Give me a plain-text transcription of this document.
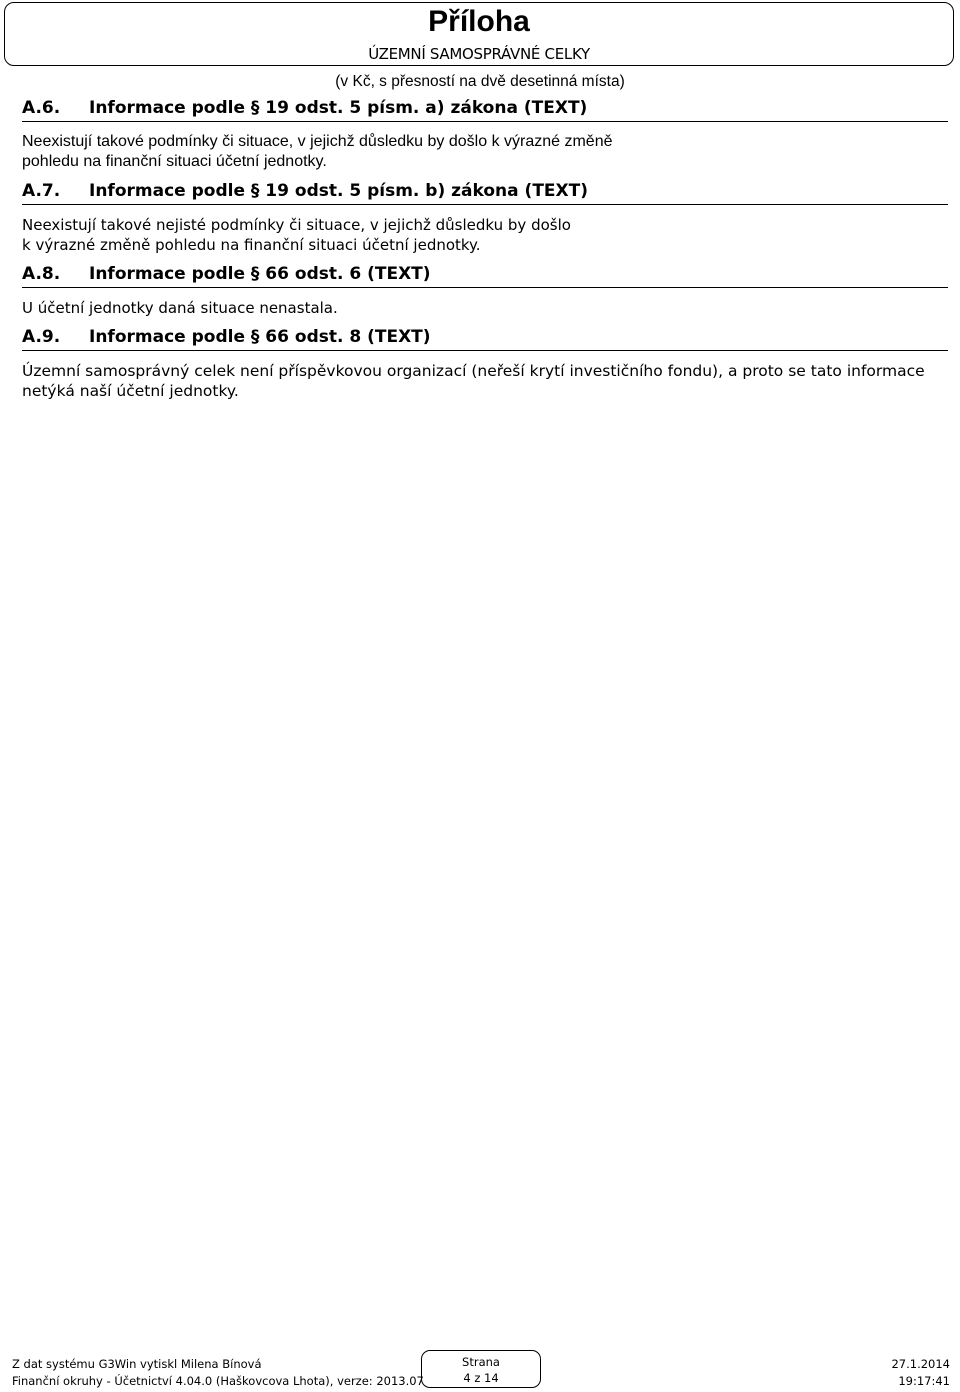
Příloha
ÚZEMNÍ SAMOSPRÁVNÉ CELKY
(v Kč, s přesností na dvě desetinná místa)
A.6.	Informace podle § 19 odst. 5 písm. a) zákona (TEXT)
Neexistují takové podmínky či situace, v jejichž důsledku by došlo k výrazné změně
pohledu na finanční situaci účetní jednotky.
A.7.	Informace podle § 19 odst. 5 písm. b) zákona (TEXT)
Neexistují takové nejisté podmínky či situace, v jejichž důsledku by došlo
k výrazné změně pohledu na finanční situaci účetní jednotky.
A.8.	Informace podle § 66 odst. 6 (TEXT)
U účetní jednotky daná situace nenastala.
A.9.	Informace podle § 66 odst. 8 (TEXT)
Územní samosprávný celek není příspěvkovou organizací (neřeší krytí investičního fondu), a proto se tato informace
netýká naší účetní jednotky.
Z dat systému G3Win vytiskl Milena Bínová
Finanční okruhy - Účetnictví 4.04.0 (Haškovcova Lhota), verze: 2013.07
Strana
4 z 14
27.1.2014
19:17:41
